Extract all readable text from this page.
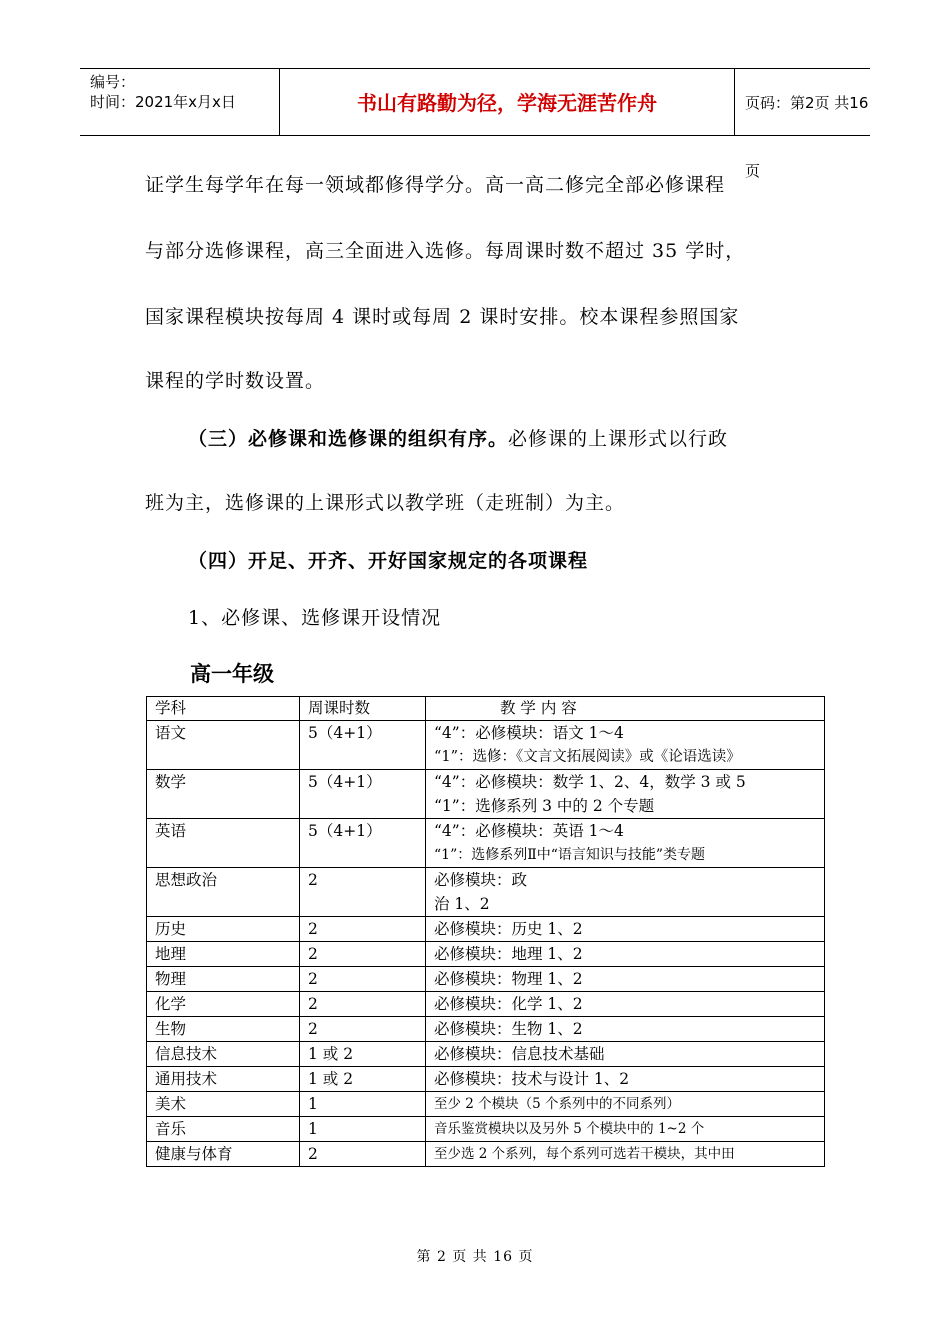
编号：
时间：2021年x月x日	书山有路勤为径，学海无涯苦作舟	页码：第2页 共16页
证学生每学年在每一领域都修得学分。高一高二修完全部必修课程
与部分选修课程，高三全面进入选修。每周课时数不超过 35 学时，
国家课程模块按每周 4 课时或每周 2 课时安排。校本课程参照国家
课程的学时数设置。
（三）必修课和选修课的组织有序。必修课的上课形式以行政
班为主，选修课的上课形式以教学班（走班制）为主。
（四）开足、开齐、开好国家规定的各项课程
1、必修课、选修课开设情况
高一年级
学科	周课时数	教 学 内 容
语文	5（4+1）	“4”：必修模块：语文 1～4
“1”：选修：《文言文拓展阅读》或《论语选读》

数学	5（4+1）	“4”：必修模块：数学 1、2、4，数学 3 或 5
“1”：选修系列 3 中的 2 个专题

英语	5（4+1）	“4”：必修模块：英语 1～4
“1”：选修系列Ⅱ中“语言知识与技能”类专题

思想政治	2	必修模块：政
治 1、2

历史	2	必修模块：历史 1、2

地理	2	必修模块：地理 1、2

物理	2	必修模块：物理 1、2

化学	2	必修模块：化学 1、2

生物	2	必修模块：生物 1、2

信息技术	1 或 2	必修模块：信息技术基础

通用技术	1 或 2	必修模块：技术与设计 1、2

美术	1	至少 2 个模块（5 个系列中的不同系列）

音乐	1	音乐鉴赏模块以及另外 5 个模块中的 1~2 个

健康与体育	2	至少选 2 个系列，每个系列可选若干模块，其中田
第 2 页 共 16 页
